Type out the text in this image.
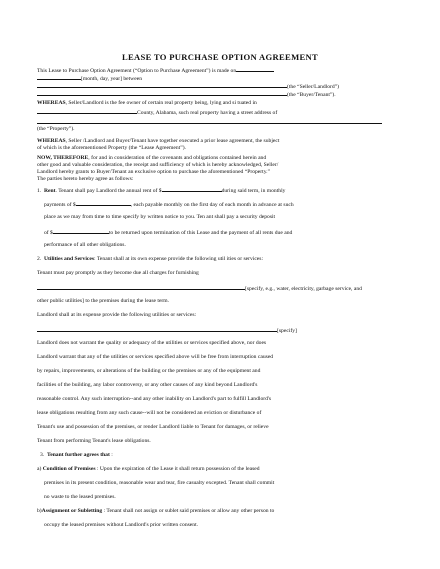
LEASE TO PURCHASE OPTION AGREEMENT
This Lease to Purchase Option Agreement (“Option to Purchase Agreement”) is made on
[month, day, year] between
(the “Seller/Landlord”)
(the “Buyer/Tenant”).
WHEREAS, Seller/Landlord is the fee owner of certain real property being, lying and si tuated in
County, Alabama, such real property having a street address of
(the “Property”).
WHEREAS, Seller /Landlord and Buyer/Tenant have together executed a prior lease agreement, the subject
of which is the aforementioned Property (the “Lease Agreement”).
NOW, THEREFORE, for and in consideration of the covenants and obligations contained herein and
other good and valuable consideration, the receipt and sufficiency of which is hereby acknowledged, Seller/
Landlord hereby grants to Buyer/Tenant an exclusive option to purchase the aforementioned “Property.”
The parties hereto hereby agree as follows:
1. Rent. Tenant shall pay Landlord the annual rent of $	during said term, in monthly
payments of $	, each payable monthly on the first day of each month in advance at such
place as we may from time to time specify by written notice to you. Ten ant shall pay a security deposit
of $	to be returned upon termination of this Lease and the payment of all rents due and
performance of all other obligations.
2. Utilities and Services: Tenant shall at its own expense provide the following util ities or services:
Tenant must pay promptly as they become due all charges for furnishing
[specify, e.g., water, electricity, garbage service, and
other public utilities] to the premises during the lease term.
Landlord shall at its expense provide the following utilities or services:
[specify]
Landlord does not warrant the quality or adequacy of the utilities or services specified above, nor does
Landlord warrant that any of the utilities or services specified above will be free from interruption caused
by repairs, improvements, or alterations of the building or the premises or any of the equipment and
facilities of the building, any labor controversy, or any other causes of any kind beyond Landlord's
reasonable control. Any such interruption--and any other inability on Landlord's part to fulfill Landlord's
lease obligations resulting from any such cause--will not be considered an eviction or disturbance of
Tenant's use and possession of the premises, or render Landlord liable to Tenant for damages, or relieve
Tenant from performing Tenant's lease obligations.
3. Tenant further agrees that :
a) Condition of Premises : Upon the expiration of the Lease it shall return possession of the leased
premises in its present condition, reasonable wear and tear, fire casualty excepted. Tenant shall commit
no waste to the leased premises.
b)Assignment or Subletting : Tenant shall not assign or sublet said premises or allow any other person to
occupy the leased premises without Landlord's prior written consent.
